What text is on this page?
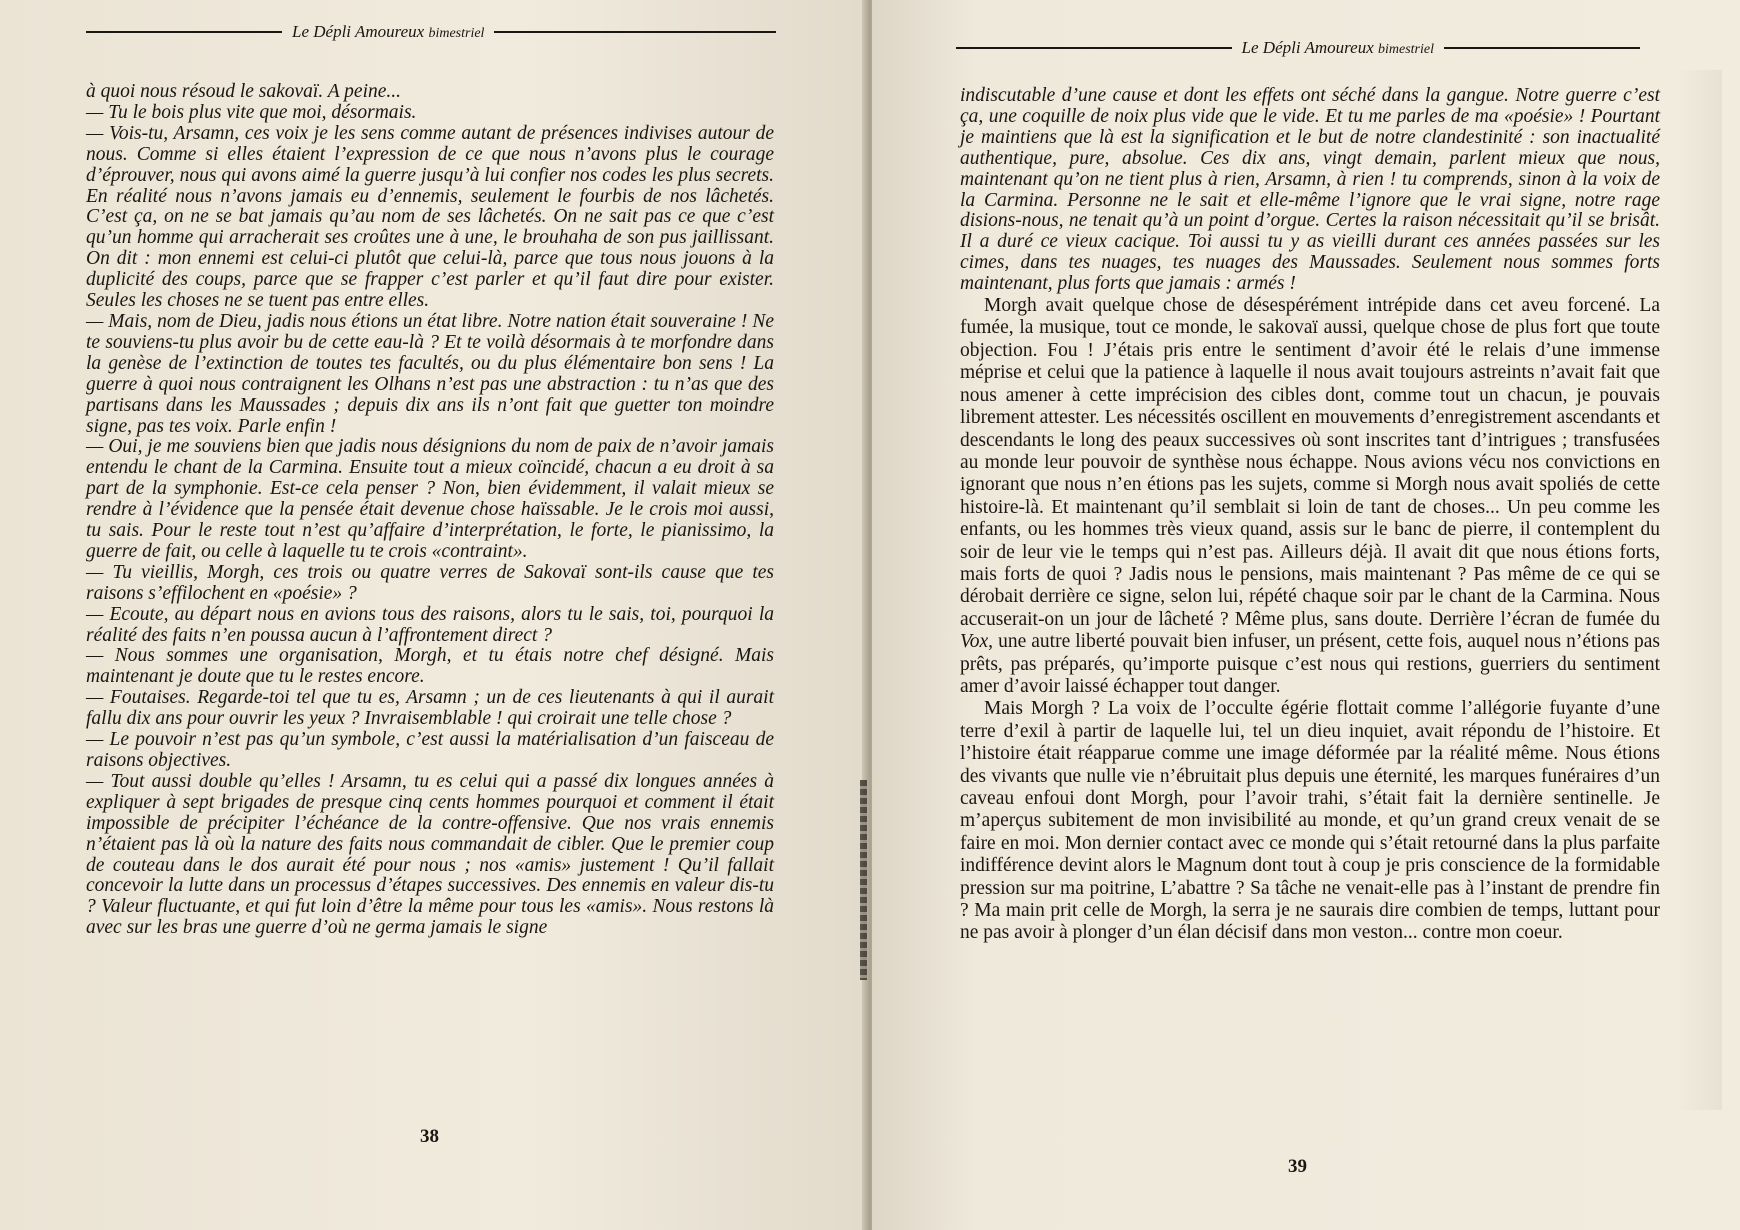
Le Dépli Amoureux bimestriel

à quoi nous résoud le sakovaï. A peine...

— Tu le bois plus vite que moi, désormais.

— Vois-tu, Arsamn, ces voix je les sens comme autant de présences indivises autour de nous. Comme si elles étaient l’expression de ce que nous n’avons plus le courage d’éprouver, nous qui avons aimé la guerre jusqu’à lui confier nos codes les plus secrets. En réalité nous n’avons jamais eu d’ennemis, seulement le fourbis de nos lâchetés. C’est ça, on ne se bat jamais qu’au nom de ses lâchetés. On ne sait pas ce que c’est qu’un homme qui arracherait ses croûtes une à une, le brouhaha de son pus jaillissant. On dit : mon ennemi est celui-ci plutôt que celui-là, parce que tous nous jouons à la duplicité des coups, parce que se frapper c’est parler et qu’il faut dire pour exister. Seules les choses ne se tuent pas entre elles.

— Mais, nom de Dieu, jadis nous étions un état libre. Notre nation était souveraine ! Ne te souviens-tu plus avoir bu de cette eau-là ? Et te voilà désormais à te morfondre dans la genèse de l’extinction de toutes tes facultés, ou du plus élémentaire bon sens ! La guerre à quoi nous contraignent les Olhans n’est pas une abstraction : tu n’as que des partisans dans les Maussades ; depuis dix ans ils n’ont fait que guetter ton moindre signe, pas tes voix. Parle enfin !

— Oui, je me souviens bien que jadis nous désignions du nom de paix de n’avoir jamais entendu le chant de la Carmina. Ensuite tout a mieux coïncidé, chacun a eu droit à sa part de la symphonie. Est-ce cela penser ? Non, bien évidemment, il valait mieux se rendre à l’évidence que la pensée était devenue chose haïssable. Je le crois moi aussi, tu sais. Pour le reste tout n’est qu’affaire d’interprétation, le forte, le pianissimo, la guerre de fait, ou celle à laquelle tu te crois «contraint».

— Tu vieillis, Morgh, ces trois ou quatre verres de Sakovaï sont-ils cause que tes raisons s’effilochent en «poésie» ?

— Ecoute, au départ nous en avions tous des raisons, alors tu le sais, toi, pourquoi la réalité des faits n’en poussa aucun à l’affrontement direct ?

— Nous sommes une organisation, Morgh, et tu étais notre chef désigné. Mais maintenant je doute que tu le restes encore.

— Foutaises. Regarde-toi tel que tu es, Arsamn ; un de ces lieutenants à qui il aurait fallu dix ans pour ouvrir les yeux ? Invraisemblable ! qui croirait une telle chose ?

— Le pouvoir n’est pas qu’un symbole, c’est aussi la matérialisation d’un faisceau de raisons objectives.

— Tout aussi double qu’elles ! Arsamn, tu es celui qui a passé dix longues années à expliquer à sept brigades de presque cinq cents hommes pourquoi et comment il était impossible de précipiter l’échéance de la contre-offensive. Que nos vrais ennemis n’étaient pas là où la nature des faits nous commandait de cibler. Que le premier coup de couteau dans le dos aurait été pour nous ; nos «amis» justement ! Qu’il fallait concevoir la lutte dans un processus d’étapes successives. Des ennemis en valeur dis-tu ? Valeur fluctuante, et qui fut loin d’être la même pour tous les «amis». Nous restons là avec sur les bras une guerre d’où ne germa jamais le signe

38
Le Dépli Amoureux bimestriel

indiscutable d’une cause et dont les effets ont séché dans la gangue. Notre guerre c’est ça, une coquille de noix plus vide que le vide. Et tu me parles de ma «poésie» ! Pourtant je maintiens que là est la signification et le but de notre clandestinité : son inactualité authentique, pure, absolue. Ces dix ans, vingt demain, parlent mieux que nous, maintenant qu’on ne tient plus à rien, Arsamn, à rien ! tu comprends, sinon à la voix de la Carmina. Personne ne le sait et elle-même l’ignore que le vrai signe, notre rage disions-nous, ne tenait qu’à un point d’orgue. Certes la raison nécessitait qu’il se brisât. Il a duré ce vieux cacique. Toi aussi tu y as vieilli durant ces années passées sur les cimes, dans tes nuages, tes nuages des Maussades. Seulement nous sommes forts maintenant, plus forts que jamais : armés !

Morgh avait quelque chose de désespérément intrépide dans cet aveu forcené. La fumée, la musique, tout ce monde, le sakovaï aussi, quelque chose de plus fort que toute objection. Fou ! J’étais pris entre le sentiment d’avoir été le relais d’une immense méprise et celui que la patience à laquelle il nous avait toujours astreints n’avait fait que nous amener à cette imprécision des cibles dont, comme tout un chacun, je pouvais librement attester. Les nécessités oscillent en mouvements d’enregistrement ascendants et descendants le long des peaux successives où sont inscrites tant d’intrigues ; transfusées au monde leur pouvoir de synthèse nous échappe. Nous avions vécu nos convictions en ignorant que nous n’en étions pas les sujets, comme si Morgh nous avait spoliés de cette histoire-là. Et maintenant qu’il semblait si loin de tant de choses... Un peu comme les enfants, ou les hommes très vieux quand, assis sur le banc de pierre, il contemplent du soir de leur vie le temps qui n’est pas. Ailleurs déjà. Il avait dit que nous étions forts, mais forts de quoi ? Jadis nous le pensions, mais maintenant ? Pas même de ce qui se dérobait derrière ce signe, selon lui, répété chaque soir par le chant de la Carmina. Nous accuserait-on un jour de lâcheté ? Même plus, sans doute. Derrière l’écran de fumée du Vox, une autre liberté pouvait bien infuser, un présent, cette fois, auquel nous n’étions pas prêts, pas préparés, qu’importe puisque c’est nous qui restions, guerriers du sentiment amer d’avoir laissé échapper tout danger.

Mais Morgh ? La voix de l’occulte égérie flottait comme l’allégorie fuyante d’une terre d’exil à partir de laquelle lui, tel un dieu inquiet, avait répondu de l’histoire. Et l’histoire était réapparue comme une image déformée par la réalité même. Nous étions des vivants que nulle vie n’ébruitait plus depuis une éternité, les marques funéraires d’un caveau enfoui dont Morgh, pour l’avoir trahi, s’était fait la dernière sentinelle. Je m’aperçus subitement de mon invisibilité au monde, et qu’un grand creux venait de se faire en moi. Mon dernier contact avec ce monde qui s’était retourné dans la plus parfaite indifférence devint alors le Magnum dont tout à coup je pris conscience de la formidable pression sur ma poitrine, L’abattre ? Sa tâche ne venait-elle pas à l’instant de prendre fin ? Ma main prit celle de Morgh, la serra je ne saurais dire combien de temps, luttant pour ne pas avoir à plonger d’un élan décisif dans mon veston... contre mon coeur.

39
